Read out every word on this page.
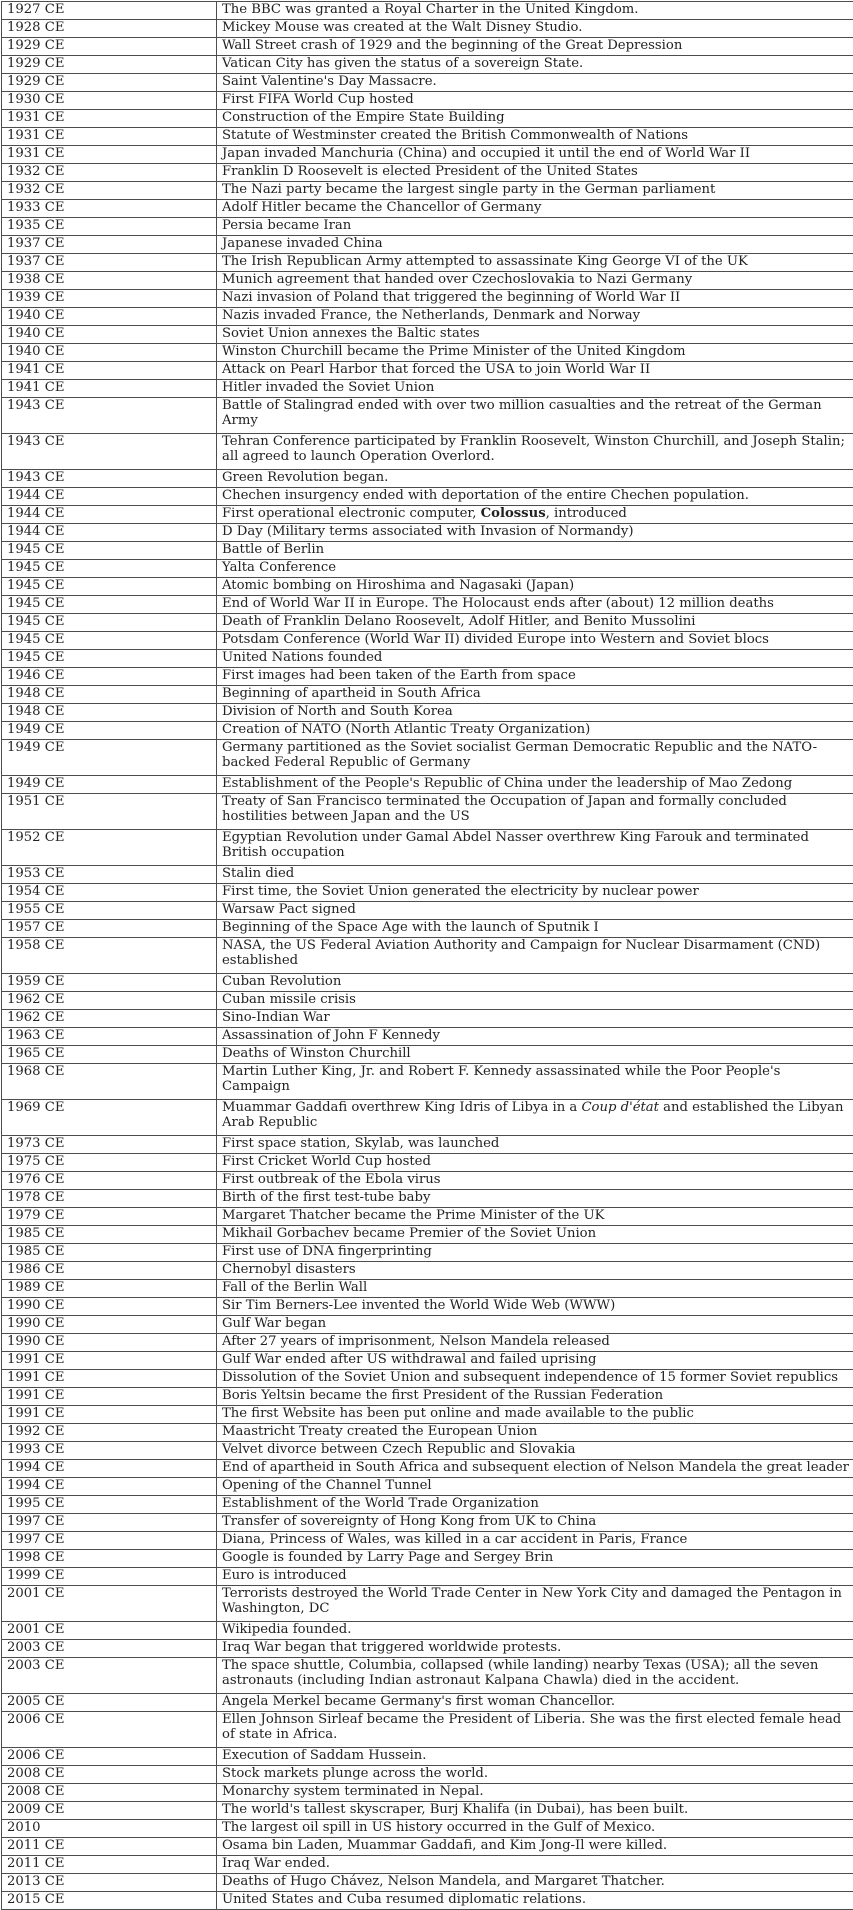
1927 CE	The BBC was granted a Royal Charter in the United Kingdom.
1928 CE	Mickey Mouse was created at the Walt Disney Studio.
1929 CE	Wall Street crash of 1929 and the beginning of the Great Depression
1929 CE	Vatican City has given the status of a sovereign State.
1929 CE	Saint Valentine's Day Massacre.
1930 CE	First FIFA World Cup hosted
1931 CE	Construction of the Empire State Building
1931 CE	Statute of Westminster created the British Commonwealth of Nations
1931 CE	Japan invaded Manchuria (China) and occupied it until the end of World War II
1932 CE	Franklin D Roosevelt is elected President of the United States
1932 CE	The Nazi party became the largest single party in the German parliament
1933 CE	Adolf Hitler became the Chancellor of Germany
1935 CE	Persia became Iran
1937 CE	Japanese invaded China
1937 CE	The Irish Republican Army attempted to assassinate King George VI of the UK
1938 CE	Munich agreement that handed over Czechoslovakia to Nazi Germany
1939 CE	Nazi invasion of Poland that triggered the beginning of World War II
1940 CE	Nazis invaded France, the Netherlands, Denmark and Norway
1940 CE	Soviet Union annexes the Baltic states
1940 CE	Winston Churchill became the Prime Minister of the United Kingdom
1941 CE	Attack on Pearl Harbor that forced the USA to join World War II
1941 CE	Hitler invaded the Soviet Union
1943 CE	Battle of Stalingrad ended with over two million casualties and the retreat of the German Army
1943 CE	Tehran Conference participated by Franklin Roosevelt, Winston Churchill, and Joseph Stalin; all agreed to launch Operation Overlord.
1943 CE	Green Revolution began.
1944 CE	Chechen insurgency ended with deportation of the entire Chechen population.
1944 CE	First operational electronic computer, Colossus, introduced
1944 CE	D Day (Military terms associated with Invasion of Normandy)
1945 CE	Battle of Berlin
1945 CE	Yalta Conference
1945 CE	Atomic bombing on Hiroshima and Nagasaki (Japan)
1945 CE	End of World War II in Europe. The Holocaust ends after (about) 12 million deaths
1945 CE	Death of Franklin Delano Roosevelt, Adolf Hitler, and Benito Mussolini
1945 CE	Potsdam Conference (World War II) divided Europe into Western and Soviet blocs
1945 CE	United Nations founded
1946 CE	First images had been taken of the Earth from space
1948 CE	Beginning of apartheid in South Africa
1948 CE	Division of North and South Korea
1949 CE	Creation of NATO (North Atlantic Treaty Organization)
1949 CE	Germany partitioned as the Soviet socialist German Democratic Republic and the NATO-backed Federal Republic of Germany
1949 CE	Establishment of the People's Republic of China under the leadership of Mao Zedong
1951 CE	Treaty of San Francisco terminated the Occupation of Japan and formally concluded hostilities between Japan and the US
1952 CE	Egyptian Revolution under Gamal Abdel Nasser overthrew King Farouk and terminated British occupation
1953 CE	Stalin died
1954 CE	First time, the Soviet Union generated the electricity by nuclear power
1955 CE	Warsaw Pact signed
1957 CE	Beginning of the Space Age with the launch of Sputnik I
1958 CE	NASA, the US Federal Aviation Authority and Campaign for Nuclear Disarmament (CND) established
1959 CE	Cuban Revolution
1962 CE	Cuban missile crisis
1962 CE	Sino-Indian War
1963 CE	Assassination of John F Kennedy
1965 CE	Deaths of Winston Churchill
1968 CE	Martin Luther King, Jr. and Robert F. Kennedy assassinated while the Poor People's Campaign
1969 CE	Muammar Gaddafi overthrew King Idris of Libya in a Coup d'état and established the Libyan Arab Republic
1973 CE	First space station, Skylab, was launched
1975 CE	First Cricket World Cup hosted
1976 CE	First outbreak of the Ebola virus
1978 CE	Birth of the first test-tube baby
1979 CE	Margaret Thatcher became the Prime Minister of the UK
1985 CE	Mikhail Gorbachev became Premier of the Soviet Union
1985 CE	First use of DNA fingerprinting
1986 CE	Chernobyl disasters
1989 CE	Fall of the Berlin Wall
1990 CE	Sir Tim Berners-Lee invented the World Wide Web (WWW)
1990 CE	Gulf War began
1990 CE	After 27 years of imprisonment, Nelson Mandela released
1991 CE	Gulf War ended after US withdrawal and failed uprising
1991 CE	Dissolution of the Soviet Union and subsequent independence of 15 former Soviet republics
1991 CE	Boris Yeltsin became the first President of the Russian Federation
1991 CE	The first Website has been put online and made available to the public
1992 CE	Maastricht Treaty created the European Union
1993 CE	Velvet divorce between Czech Republic and Slovakia
1994 CE	End of apartheid in South Africa and subsequent election of Nelson Mandela the great leader
1994 CE	Opening of the Channel Tunnel
1995 CE	Establishment of the World Trade Organization
1997 CE	Transfer of sovereignty of Hong Kong from UK to China
1997 CE	Diana, Princess of Wales, was killed in a car accident in Paris, France
1998 CE	Google is founded by Larry Page and Sergey Brin
1999 CE	Euro is introduced
2001 CE	Terrorists destroyed the World Trade Center in New York City and damaged the Pentagon in Washington, DC
2001 CE	Wikipedia founded.
2003 CE	Iraq War began that triggered worldwide protests.
2003 CE	The space shuttle, Columbia, collapsed (while landing) nearby Texas (USA); all the seven astronauts (including Indian astronaut Kalpana Chawla) died in the accident.
2005 CE	Angela Merkel became Germany's first woman Chancellor.
2006 CE	Ellen Johnson Sirleaf became the President of Liberia. She was the first elected female head of state in Africa.
2006 CE	Execution of Saddam Hussein.
2008 CE	Stock markets plunge across the world.
2008 CE	Monarchy system terminated in Nepal.
2009 CE	The world's tallest skyscraper, Burj Khalifa (in Dubai), has been built.
2010	The largest oil spill in US history occurred in the Gulf of Mexico.
2011 CE	Osama bin Laden, Muammar Gaddafi, and Kim Jong-Il were killed.
2011 CE	Iraq War ended.
2013 CE	Deaths of Hugo Chávez, Nelson Mandela, and Margaret Thatcher.
2015 CE	United States and Cuba resumed diplomatic relations.
